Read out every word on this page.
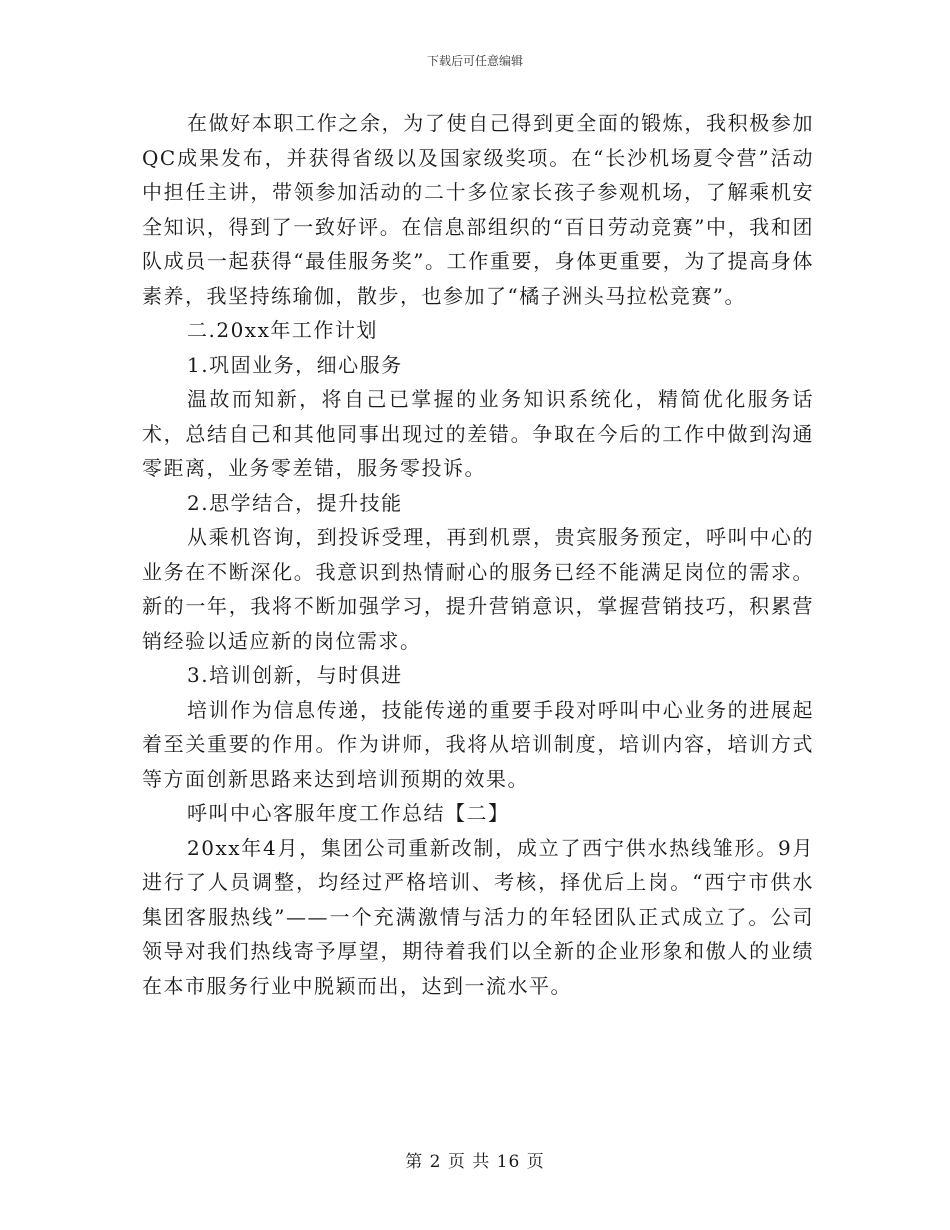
下载后可任意编辑

在做好本职工作之余，为了使自己得到更全面的锻炼，我积极参加QC成果发布，并获得省级以及国家级奖项。在“长沙机场夏令营”活动中担任主讲，带领参加活动的二十多位家长孩子参观机场，了解乘机安全知识，得到了一致好评。在信息部组织的“百日劳动竞赛”中，我和团队成员一起获得“最佳服务奖”。工作重要，身体更重要，为了提高身体素养，我坚持练瑜伽，散步，也参加了“橘子洲头马拉松竞赛”。

二.20xx年工作计划

1.巩固业务，细心服务

温故而知新，将自己已掌握的业务知识系统化，精简优化服务话术，总结自己和其他同事出现过的差错。争取在今后的工作中做到沟通零距离，业务零差错，服务零投诉。

2.思学结合，提升技能

从乘机咨询，到投诉受理，再到机票，贵宾服务预定，呼叫中心的业务在不断深化。我意识到热情耐心的服务已经不能满足岗位的需求。新的一年，我将不断加强学习，提升营销意识，掌握营销技巧，积累营销经验以适应新的岗位需求。

3.培训创新，与时俱进

培训作为信息传递，技能传递的重要手段对呼叫中心业务的进展起着至关重要的作用。作为讲师，我将从培训制度，培训内容，培训方式等方面创新思路来达到培训预期的效果。

呼叫中心客服年度工作总结【二】

20xx年4月，集团公司重新改制，成立了西宁供水热线雏形。9月进行了人员调整，均经过严格培训、考核，择优后上岗。“西宁市供水集团客服热线”——一个充满激情与活力的年轻团队正式成立了。公司领导对我们热线寄予厚望，期待着我们以全新的企业形象和傲人的业绩在本市服务行业中脱颖而出，达到一流水平。

第 2 页 共 16 页
